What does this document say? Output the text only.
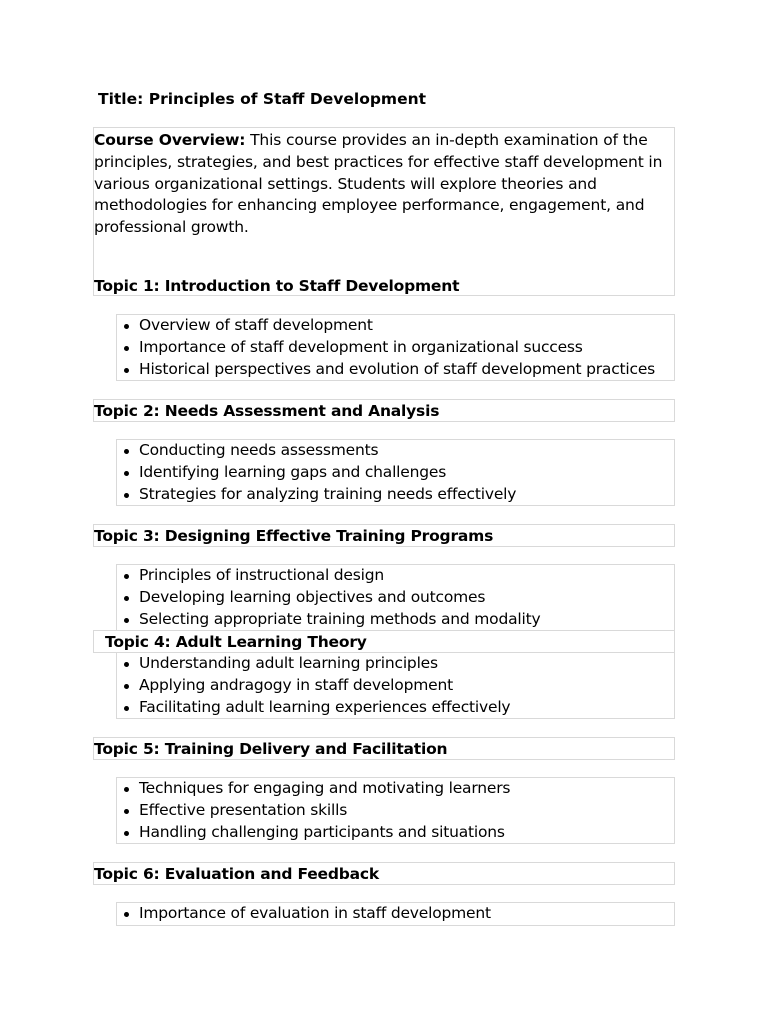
Title: Principles of Staff Development
Course Overview: This course provides an in-depth examination of the principles, strategies, and best practices for effective staff development in various organizational settings. Students will explore theories and methodologies for enhancing employee performance, engagement, and professional growth.
Topic 1: Introduction to Staff Development
Overview of staff development
Importance of staff development in organizational success
Historical perspectives and evolution of staff development practices
Topic 2: Needs Assessment and Analysis
Conducting needs assessments
Identifying learning gaps and challenges
Strategies for analyzing training needs effectively
Topic 3: Designing Effective Training Programs
Principles of instructional design
Developing learning objectives and outcomes
Selecting appropriate training methods and modality
Topic 4: Adult Learning Theory
Understanding adult learning principles
Applying andragogy in staff development
Facilitating adult learning experiences effectively
Topic 5: Training Delivery and Facilitation
Techniques for engaging and motivating learners
Effective presentation skills
Handling challenging participants and situations
Topic 6: Evaluation and Feedback
Importance of evaluation in staff development
